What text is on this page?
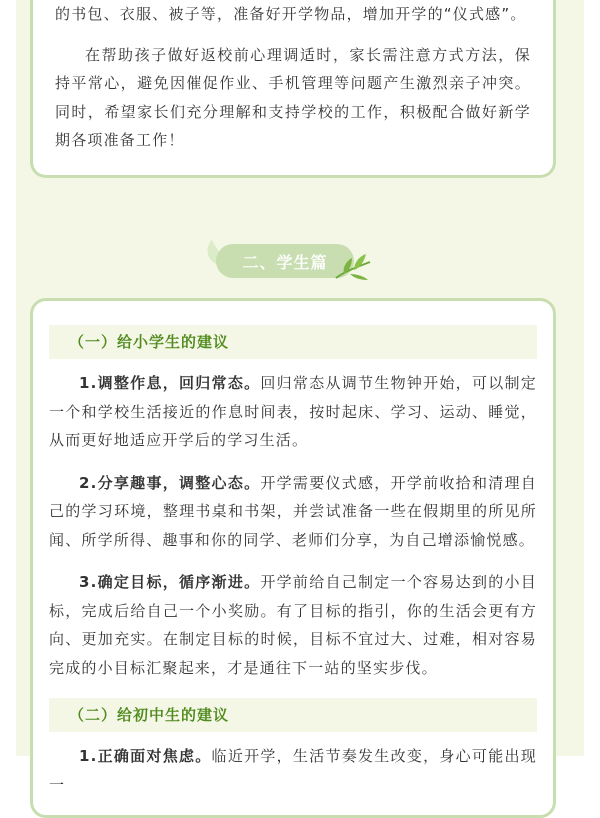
的书包、衣服、被子等，准备好开学物品，增加开学的“仪式感”。

在帮助孩子做好返校前心理调适时，家长需注意方式方法，保持平常心，避免因催促作业、手机管理等问题产生激烈亲子冲突。同时，希望家长们充分理解和支持学校的工作，积极配合做好新学期各项准备工作！

二、学生篇
（一）给小学生的建议

1.调整作息，回归常态。回归常态从调节生物钟开始，可以制定一个和学校生活接近的作息时间表，按时起床、学习、运动、睡觉，从而更好地适应开学后的学习生活。

2.分享趣事，调整心态。开学需要仪式感，开学前收拾和清理自己的学习环境，整理书桌和书架，并尝试准备一些在假期里的所见所闻、所学所得、趣事和你的同学、老师们分享，为自己增添愉悦感。

3.确定目标，循序渐进。开学前给自己制定一个容易达到的小目标，完成后给自己一个小奖励。有了目标的指引，你的生活会更有方向、更加充实。在制定目标的时候，目标不宜过大、过难，相对容易完成的小目标汇聚起来，才是通往下一站的坚实步伐。

（二）给初中生的建议

1.正确面对焦虑。临近开学，生活节奏发生改变，身心可能出现一
